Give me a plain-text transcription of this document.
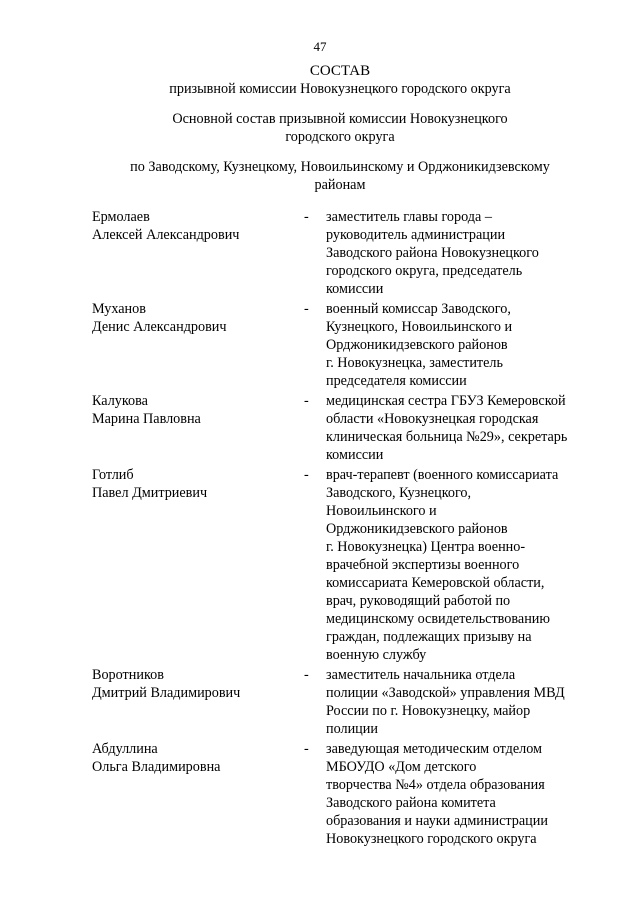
47
СОСТАВ
призывной комиссии Новокузнецкого городского округа
Основной состав призывной комиссии Новокузнецкого
городского округа
по Заводскому, Кузнецкому, Новоильинскому и Орджоникидзевскому
районам
Ермолаев
Алексей Александрович
-	заместитель главы города –
руководитель администрации
Заводского района Новокузнецкого
городского округа, председатель
комиссии
Муханов
Денис Александрович
-	военный комиссар Заводского,
Кузнецкого, Новоильинского и
Орджоникидзевского районов
г. Новокузнецка, заместитель
председателя комиссии
Калукова
Марина Павловна
-	медицинская сестра ГБУЗ Кемеровской
области «Новокузнецкая городская
клиническая больница №29», секретарь
комиссии
Готлиб
Павел Дмитриевич
-	врач-терапевт (военного комиссариата
Заводского, Кузнецкого,
Новоильинского и
Орджоникидзевского районов
г. Новокузнецка) Центра военно-
врачебной экспертизы военного
комиссариата Кемеровской области,
врач, руководящий работой по
медицинскому освидетельствованию
граждан, подлежащих призыву на
военную службу
Воротников
Дмитрий Владимирович
-	заместитель начальника отдела
полиции «Заводской» управления МВД
России по г. Новокузнецку, майор
полиции
Абдуллина
Ольга Владимировна
-	заведующая методическим отделом
МБОУДО «Дом детского
творчества №4» отдела образования
Заводского района комитета
образования и науки администрации
Новокузнецкого городского округа
